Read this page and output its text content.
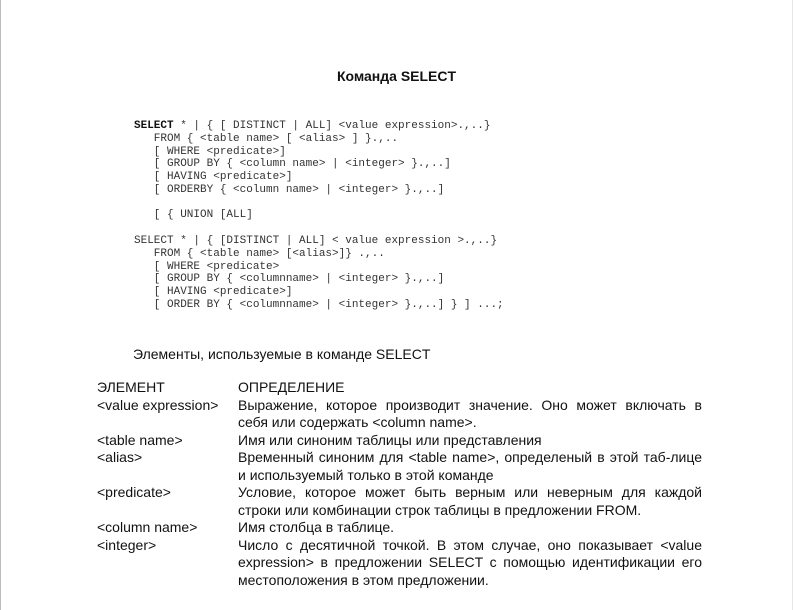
Команда SELECT
SELECT * | { [ DISTINCT | ALL] <value expression>.,..}
FROM { <table name> [ <alias> ] }.,..
[ WHERE <predicate>]
[ GROUP BY { <column name> | <integer> }.,..]
[ HAVING <predicate>]
[ ORDERBY { <column name> | <integer> }.,..]
[ { UNION [ALL]
SELECT * | { [DISTINCT | ALL] < value expression >.,..}
FROM { <table name> [<alias>]} .,..
[ WHERE <predicate>
[ GROUP BY { <columnname> | <integer> }.,..]
[ HAVING <predicate>]
[ ORDER BY { <columnname> | <integer> }.,..] } ] ...;
Элементы, используемые в команде SELECT
ЭЛЕМЕНТ	ОПРЕДЕЛЕНИЕ
<value expression>	Выражение, которое производит значение. Оно может включать в себя или содержать <column name>.
<table name>	Имя или синоним таблицы или представления
<alias>	Временный синоним для <table name>, определеный в этой таб-лице и используемый только в этой команде
<predicate>	Условие, которое может быть верным или неверным для каждой строки или комбинации строк таблицы в предложении FROM.
<column name>	Имя столбца в таблице.
<integer>	Число с десятичной точкой. В этом случае, оно показывает <value expression> в предложении SELECT с помощью идентификации его местоположения в этом предложении.
